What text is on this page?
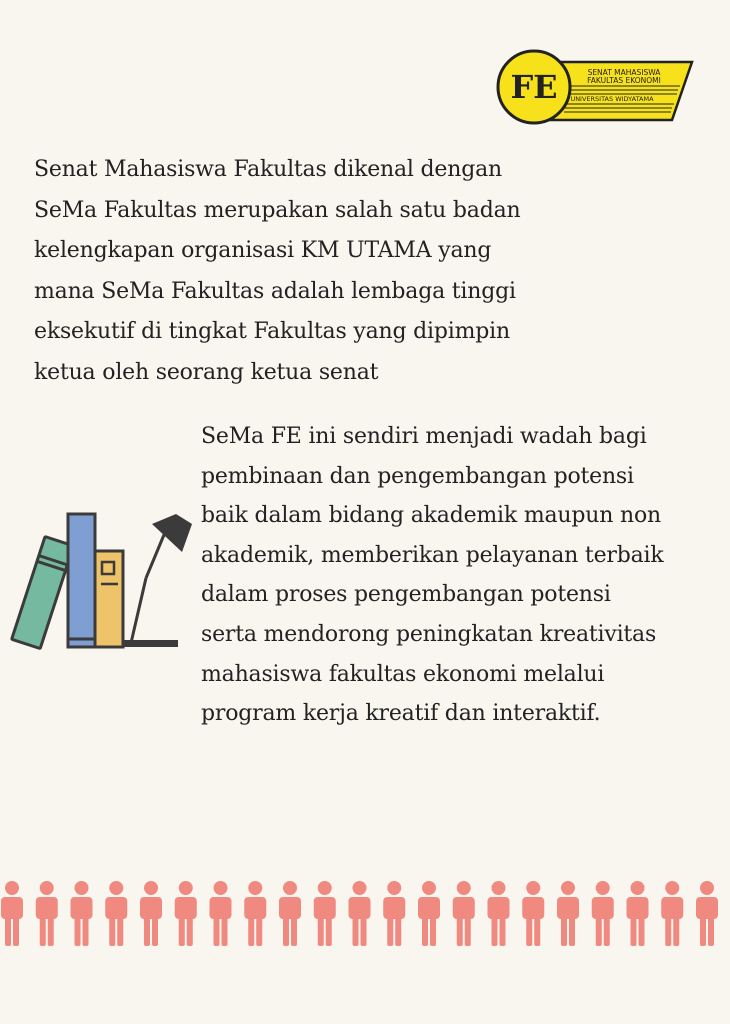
SENAT MAHASISWA
FAKULTAS EKONOMI
UNIVERSITAS WIDYATAMA
FE
Senat Mahasiswa Fakultas dikenal dengan
SeMa Fakultas merupakan salah satu badan
kelengkapan organisasi KM UTAMA yang
mana SeMa Fakultas adalah lembaga tinggi
eksekutif di tingkat Fakultas yang dipimpin
ketua oleh seorang ketua senat
SeMa FE ini sendiri menjadi wadah bagi
pembinaan dan pengembangan potensi
baik dalam bidang akademik maupun non
akademik, memberikan pelayanan terbaik
dalam proses pengembangan potensi
serta mendorong peningkatan kreativitas
mahasiswa fakultas ekonomi melalui
program kerja kreatif dan interaktif.
